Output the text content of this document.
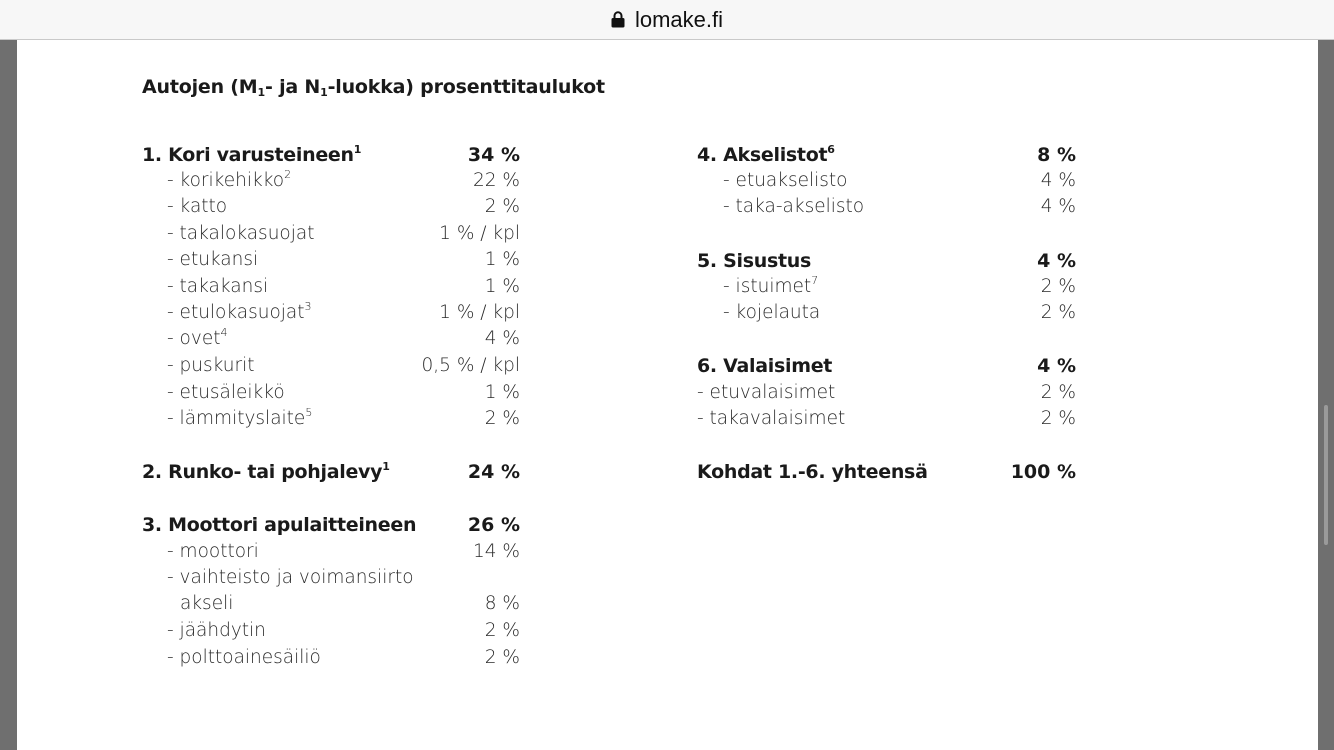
lomake.fi
Autojen ($M_1-$ ja $N_1-luokka$) prosenttitaulukot
1. Kori varusteineen$^1$	34 %
- korikehikko$^2$	22 %
- katto	2 %
- takalokasuojat	1 % / kpl
- etukansi	1 %
- takakansi	1 %
- etulokasuojat$^3$	1 % / kpl
- ovet$^4$	4 %
- puskurit	0,5 % / kpl
- etusäleikkö	1 %
- lämmityslaite$^5$	2 %
2. Runko- tai pohjalevy$^1$	24 %
3. Moottori apulaitteineen	26 %
- moottori	14 %
- vaihteisto ja voimansiirto
akseli	8 %
- jäähdytin	2 %
- polttoainesäiliö	2 %
4. Akselistot$^6$	8 %
- etuakselisto	4 %
- taka-akselisto	4 %
5. Sisustus	4 %
- istuimet$^7$	2 %
- kojelauta	2 %
6. Valaisimet	4 %
- etuvalaisimet	2 %
- takavalaisimet	2 %
Kohdat 1.-6. yhteensä	100 %
